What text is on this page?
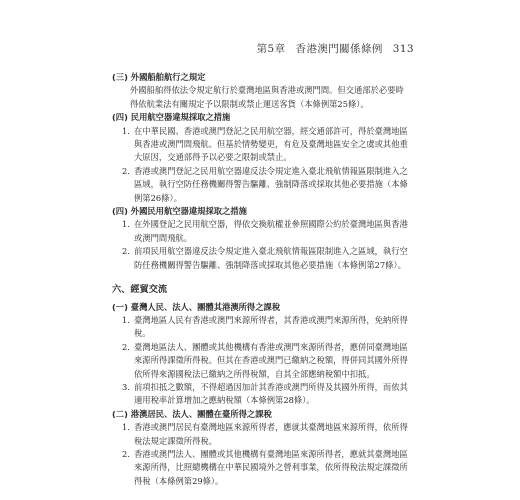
第5章 香港澳門關係條例 313

(三) 外國船舶航行之規定

外國船舶得依法令規定航行於臺灣地區與香港或澳門間。但交通部於必要時得依航業法有關規定予以限制或禁止運送客貨（本條例第25條）。

(四) 民用航空器違規採取之措施

1. 在中華民國、香港或澳門登記之民用航空器，經交通部許可，得於臺灣地區與香港或澳門間飛航。但基於情勢變更，有危及臺灣地區安全之虞或其他重大原因，交通部得予以必要之限制或禁止。
2. 香港或澳門登記之民用航空器違反法令規定進入臺北飛航情報區限制進入之區域，執行空防任務機關得警告驅離、強制降落或採取其他必要措施（本條例第26條）。

(四) 外國民用航空器違規採取之措施

1. 在外國登記之民用航空器，得依交換航權並參照國際公約於臺灣地區與香港或澳門間飛航。
2. 前項民用航空器違反法令規定進入臺北飛航情報區限制進入之區域，執行空防任務機關得警告驅離、強制降落或採取其他必要措施（本條例第27條）。

六、經貿交流

(一) 臺灣人民、法人、團體其港澳所得之課稅

1. 臺灣地區人民有香港或澳門來源所得者，其香港或澳門來源所得，免納所得稅。
2. 臺灣地區法人、團體或其他機構有香港或澳門來源所得者，應併同臺灣地區來源所得課徵所得稅。但其在香港或澳門已繳納之稅額，得併同其國外所得依所得來源國稅法已繳納之所得稅額，自其全部應納稅額中扣抵。
3. 前項扣抵之數額，不得超過因加計其香港或澳門所得及其國外所得，而依其適用稅率計算增加之應納稅額（本條例第28條）。

(二) 港澳居民、法人、團體在臺所得之課稅

1. 香港或澳門居民有臺灣地區來源所得者，應就其臺灣地區來源所得，依所得稅法規定課徵所得稅。
2. 香港或澳門法人、團體或其他機構有臺灣地區來源所得者，應就其臺灣地區來源所得，比照總機構在中華民國境外之營利事業，依所得稅法規定課徵所得稅（本條例第29條）。
